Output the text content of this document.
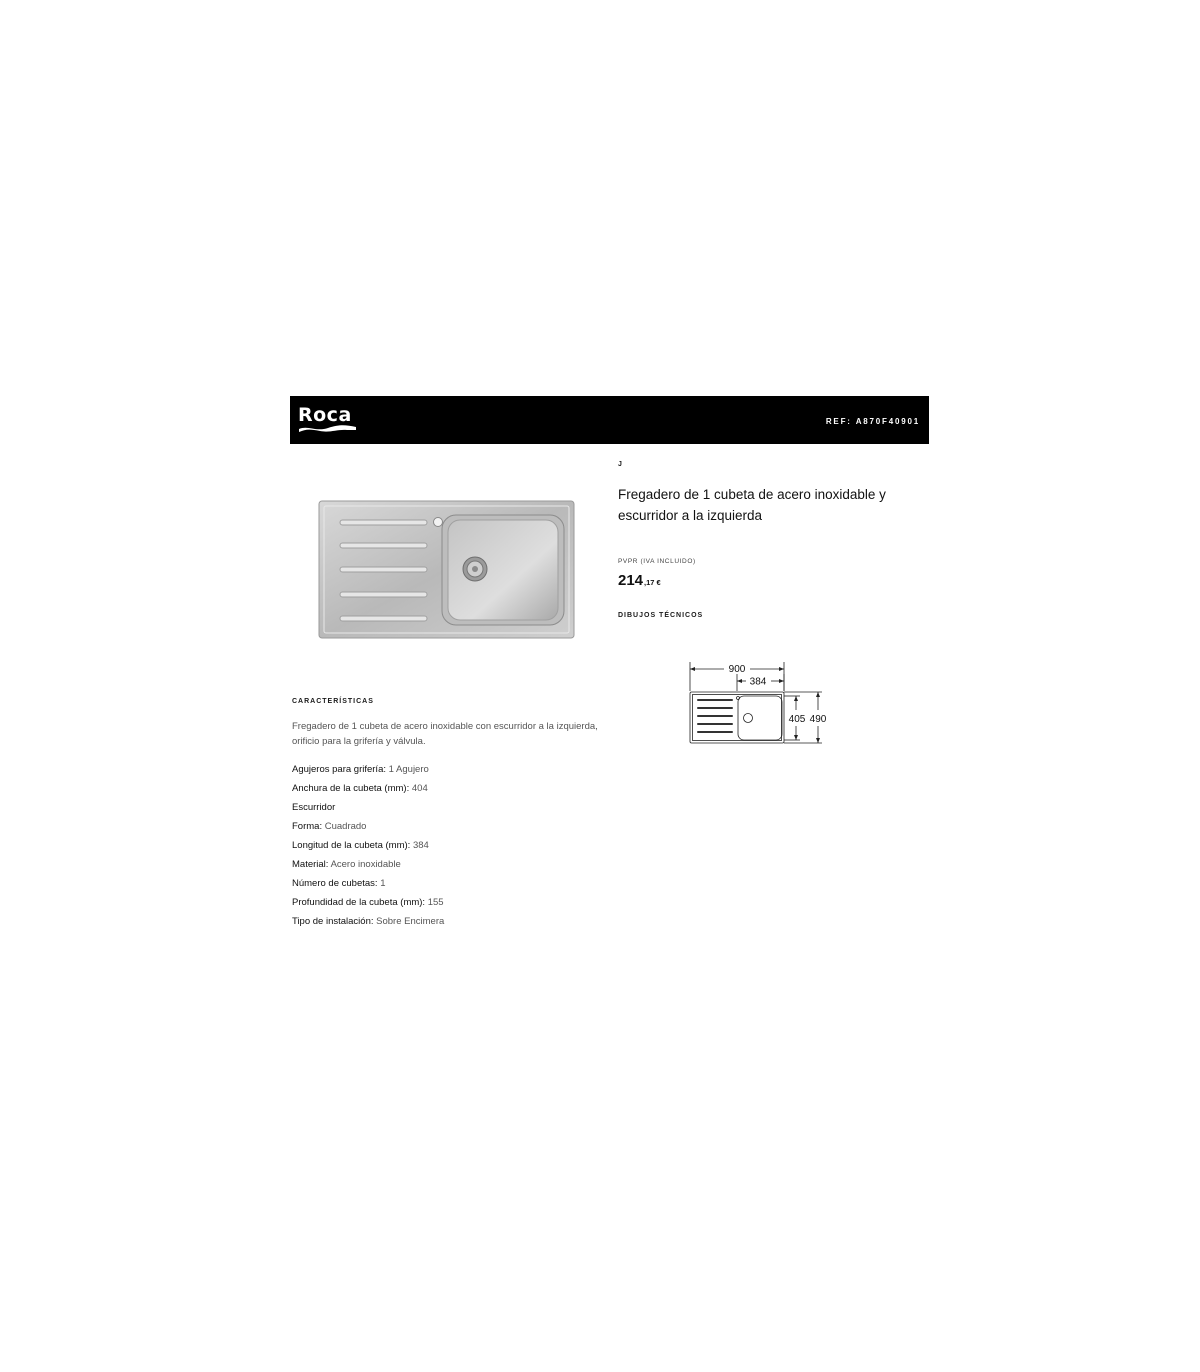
Roca	REF: A870F40901
J
Fregadero de 1 cubeta de acero inoxidable y escurridor a la izquierda
PVPR (IVA INCLUIDO)
214,17 €
DIBUJOS TÉCNICOS
900
384
405 490
CARACTERÍSTICAS
Fregadero de 1 cubeta de acero inoxidable con escurridor a la izquierda, orificio para la grifería y válvula.
Agujeros para grifería: 1 Agujero
Anchura de la cubeta (mm): 404
Escurridor
Forma: Cuadrado
Longitud de la cubeta (mm): 384
Material: Acero inoxidable
Número de cubetas: 1
Profundidad de la cubeta (mm): 155
Tipo de instalación: Sobre Encimera
